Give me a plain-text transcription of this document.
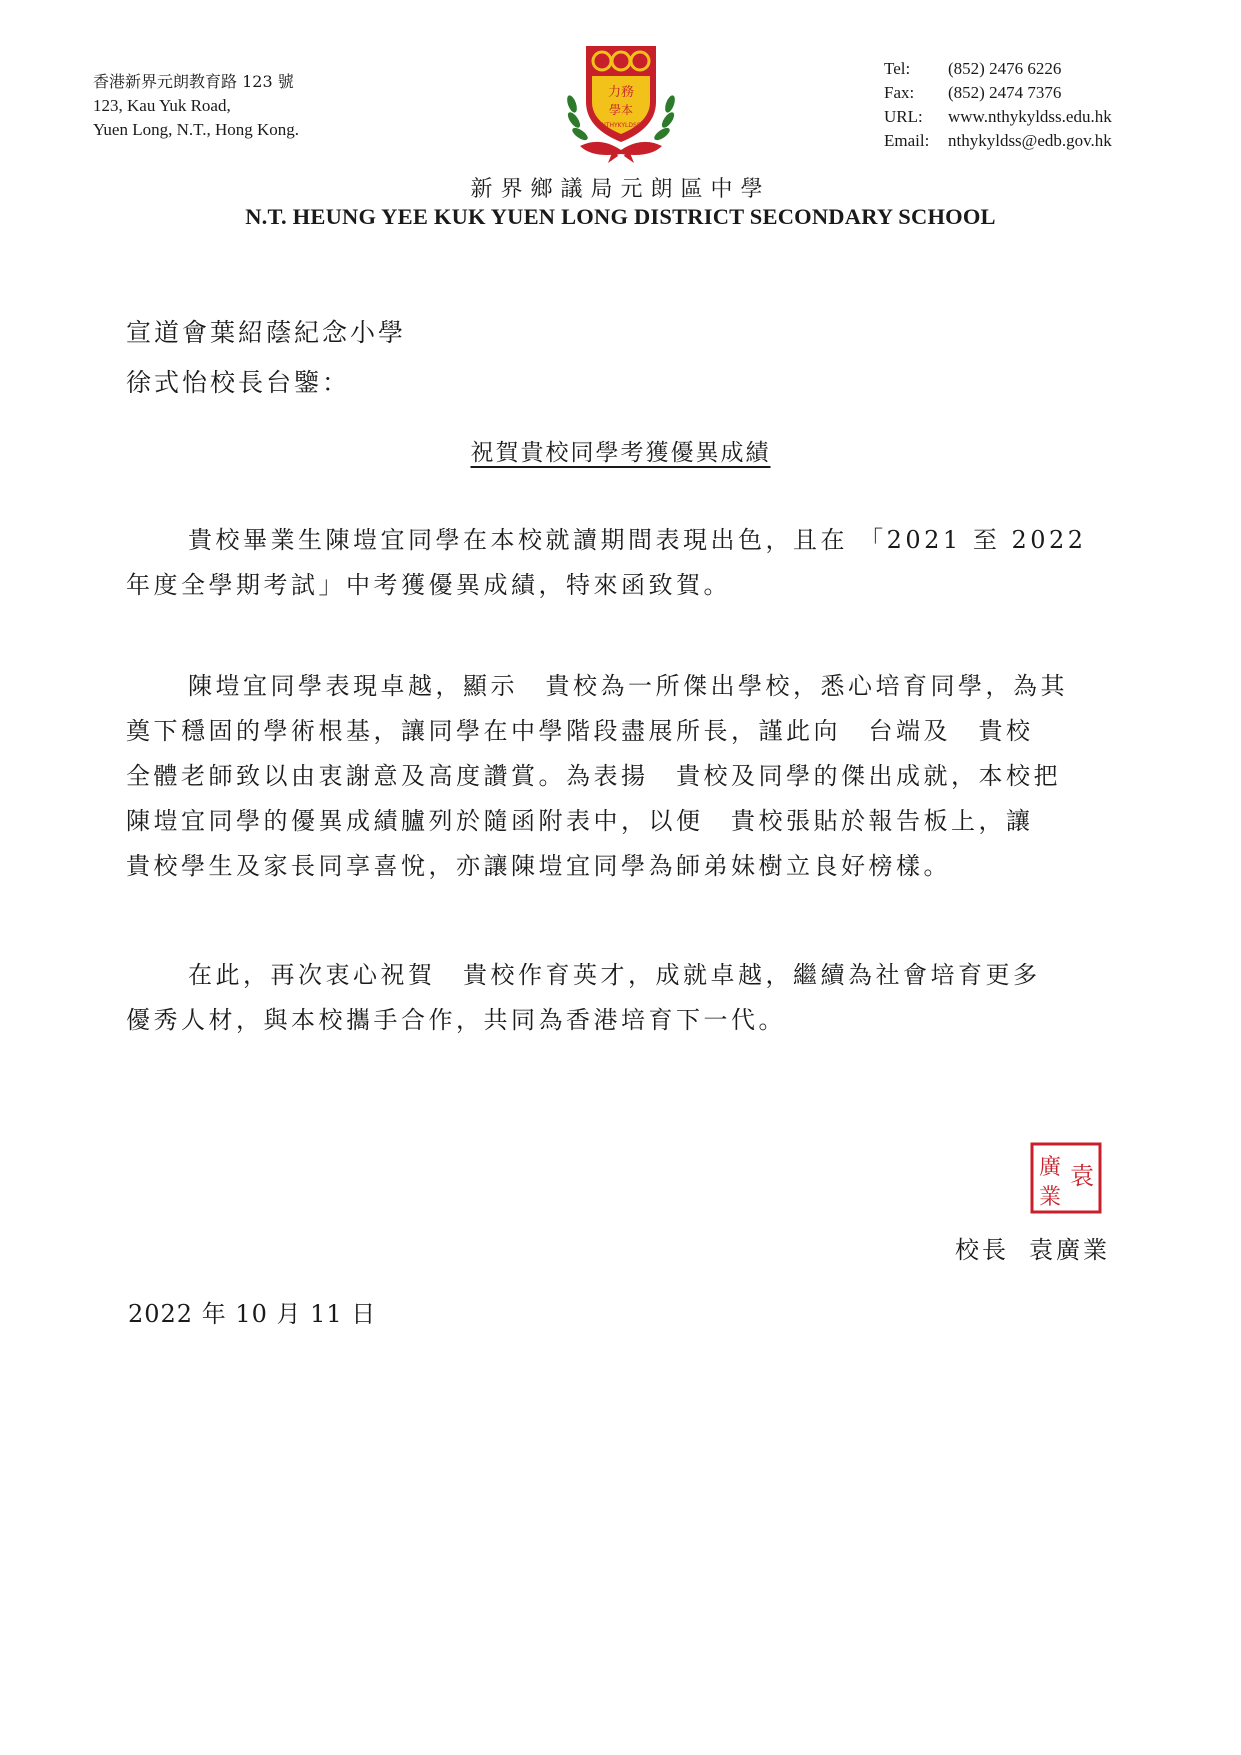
香港新界元朗教育路 123 號
123, Kau Yuk Road,
Yuen Long, N.T., Hong Kong.
力務
學本
NTHYKYLDSS
Tel:	(852) 2476 6226
Fax:	(852) 2474 7376
URL:	www.nthykyldss.edu.hk
Email:	nthykyldss@edb.gov.hk
新界鄉議局元朗區中學
N.T. HEUNG YEE KUK YUEN LONG DISTRICT SECONDARY SCHOOL
宣道會葉紹蔭紀念小學
徐式怡校長台鑒：
祝賀貴校同學考獲優異成績
貴校畢業生陳塏宜同學在本校就讀期間表現出色，且在 「2021 至 2022
年度全學期考試」中考獲優異成績，特來函致賀。
陳塏宜同學表現卓越，顯示　貴校為一所傑出學校，悉心培育同學，為其
奠下穩固的學術根基，讓同學在中學階段盡展所長，謹此向　台端及　貴校
全體老師致以由衷謝意及高度讚賞。為表揚　貴校及同學的傑出成就，本校把
陳塏宜同學的優異成績臚列於隨函附表中，以便　貴校張貼於報告板上，讓
貴校學生及家長同享喜悅，亦讓陳塏宜同學為師弟妹樹立良好榜樣。
在此，再次衷心祝賀　貴校作育英才，成就卓越，繼續為社會培育更多
優秀人材，與本校攜手合作，共同為香港培育下一代。
廣 袁
業
校長 袁廣業
2022 年 10 月 11 日
